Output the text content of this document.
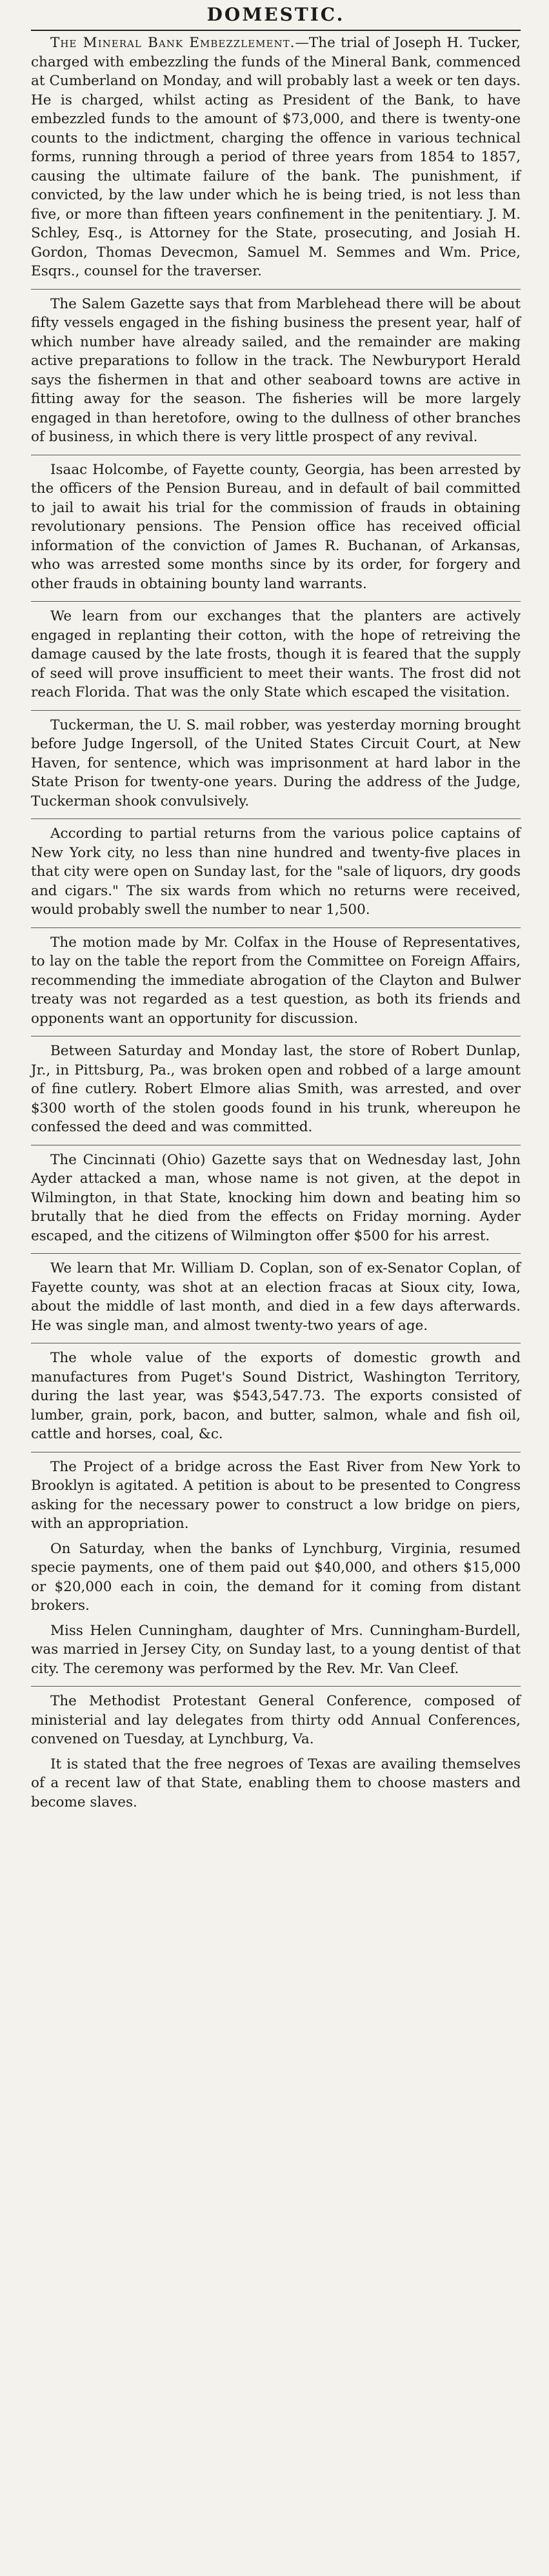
DOMESTIC.

The Mineral Bank Embezzlement.—The trial of Joseph H. Tucker, charged with embezzling the funds of the Mineral Bank, commenced at Cumberland on Monday, and will probably last a week or ten days. He is charged, whilst acting as President of the Bank, to have embezzled funds to the amount of $73,000, and there is twenty-one counts to the indictment, charging the offence in various technical forms, running through a period of three years from 1854 to 1857, causing the ultimate failure of the bank. The punishment, if convicted, by the law under which he is being tried, is not less than five, or more than fifteen years confinement in the penitentiary. J. M. Schley, Esq., is Attorney for the State, prosecuting, and Josiah H. Gordon, Thomas Devecmon, Samuel M. Semmes and Wm. Price, Esqrs., counsel for the traverser.

The Salem Gazette says that from Marblehead there will be about fifty vessels engaged in the fishing business the present year, half of which number have already sailed, and the remainder are making active preparations to follow in the track. The Newburyport Herald says the fishermen in that and other seaboard towns are active in fitting away for the season. The fisheries will be more largely engaged in than heretofore, owing to the dullness of other branches of business, in which there is very little prospect of any revival.

Isaac Holcombe, of Fayette county, Georgia, has been arrested by the officers of the Pension Bureau, and in default of bail committed to jail to await his trial for the commission of frauds in obtaining revolutionary pensions. The Pension office has received official information of the conviction of James R. Buchanan, of Arkansas, who was arrested some months since by its order, for forgery and other frauds in obtaining bounty land warrants.

We learn from our exchanges that the planters are actively engaged in replanting their cotton, with the hope of retreiving the damage caused by the late frosts, though it is feared that the supply of seed will prove insufficient to meet their wants. The frost did not reach Florida. That was the only State which escaped the visitation.

Tuckerman, the U. S. mail robber, was yesterday morning brought before Judge Ingersoll, of the United States Circuit Court, at New Haven, for sentence, which was imprisonment at hard labor in the State Prison for twenty-one years. During the address of the Judge, Tuckerman shook convulsively.

According to partial returns from the various police captains of New York city, no less than nine hundred and twenty-five places in that city were open on Sunday last, for the "sale of liquors, dry goods and cigars." The six wards from which no returns were received, would probably swell the number to near 1,500.

The motion made by Mr. Colfax in the House of Representatives, to lay on the table the report from the Committee on Foreign Affairs, recommending the immediate abrogation of the Clayton and Bulwer treaty was not regarded as a test question, as both its friends and opponents want an opportunity for discussion.

Between Saturday and Monday last, the store of Robert Dunlap, Jr., in Pittsburg, Pa., was broken open and robbed of a large amount of fine cutlery. Robert Elmore alias Smith, was arrested, and over $300 worth of the stolen goods found in his trunk, whereupon he confessed the deed and was committed.

The Cincinnati (Ohio) Gazette says that on Wednesday last, John Ayder attacked a man, whose name is not given, at the depot in Wilmington, in that State, knocking him down and beating him so brutally that he died from the effects on Friday morning. Ayder escaped, and the citizens of Wilmington offer $500 for his arrest.

We learn that Mr. William D. Coplan, son of ex-Senator Coplan, of Fayette county, was shot at an election fracas at Sioux city, Iowa, about the middle of last month, and died in a few days afterwards. He was single man, and almost twenty-two years of age.

The whole value of the exports of domestic growth and manufactures from Puget's Sound District, Washington Territory, during the last year, was $543,547.73. The exports consisted of lumber, grain, pork, bacon, and butter, salmon, whale and fish oil, cattle and horses, coal, &c.

The Project of a bridge across the East River from New York to Brooklyn is agitated. A petition is about to be presented to Congress asking for the necessary power to construct a low bridge on piers, with an appropriation.

On Saturday, when the banks of Lynchburg, Virginia, resumed specie payments, one of them paid out $40,000, and others $15,000 or $20,000 each in coin, the demand for it coming from distant brokers.

Miss Helen Cunningham, daughter of Mrs. Cunningham-Burdell, was married in Jersey City, on Sunday last, to a young dentist of that city. The ceremony was performed by the Rev. Mr. Van Cleef.

The Methodist Protestant General Conference, composed of ministerial and lay delegates from thirty odd Annual Conferences, convened on Tuesday, at Lynchburg, Va.

It is stated that the free negroes of Texas are availing themselves of a recent law of that State, enabling them to choose masters and become slaves.
